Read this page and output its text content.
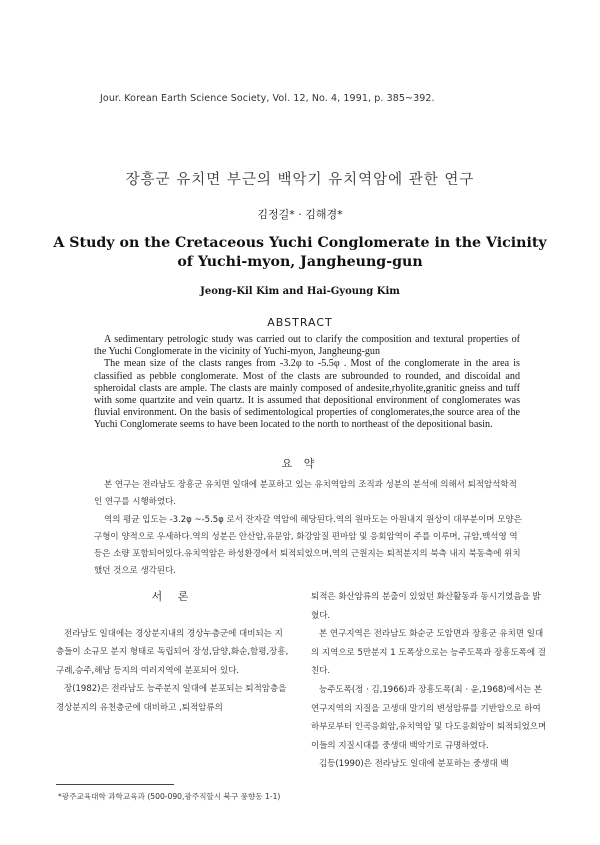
Jour. Korean Earth Science Society, Vol. 12, No. 4, 1991, p. 385~392.
장흥군 유치면 부근의 백악기 유치역암에 관한 연구
김정길* · 김해경*
A Study on the Cretaceous Yuchi Conglomerate in the Vicinity
of Yuchi-myon, Jangheung-gun
Jeong-Kil Kim and Hai-Gyoung Kim
ABSTRACT

A sedimentary petrologic study was carried out to clarify the composition and textural properties of the Yuchi Conglomerate in the vicinity of Yuchi-myon, Jangheung-gun

The mean size of the clasts ranges from -3.2φ to -5.5φ . Most of the conglomerate in the area is classified as pebble conglomerate. Most of the clasts are subrounded to rounded, and discoidal and spheroidal clasts are ample. The clasts are mainly composed of andesite,rhyolite,granitic gneiss and tuff with some quartzite and vein quartz. It is assumed that depositional environment of conglomerates was fluvial environment. On the basis of sedimentological properties of conglomerates,the source area of the Yuchi Conglomerate seems to have been located to the north to northeast of the depositional basin.

요 약

본 연구는 전라남도 장흥군 유치면 일대에 분포하고 있는 유치역암의 조직과 성분의 분석에 의해서 퇴적암석학적인 연구를 시행하였다.

역의 평균 입도는 -3.2φ ~-5.5φ 로서 잔자갈 역암에 해당된다.역의 원마도는 아원내지 원상이 대부분이며 모양은 구형이 양적으로 우세하다.역의 성분은 안산암,유문암, 화강암질 편마암 및 응회암역이 주를 이루며, 규암,맥석영 역등은 소량 포함되어있다.유치역암은 하성환경에서 퇴적되었으며,역의 근원지는 퇴적분지의 북측 내지 북동측에 위치했던 것으로 생각된다.

서 론

전라남도 일대에는 경상분지내의 경상누층군에 대비되는 지층들이 소규모 분지 형태로 독립되어 장성,담양,화순,함평,장흥,구례,승주,해남 등지의 여러지역에 분포되어 있다.

장(1982)은 전라남도 능주분지 일대에 분포되는 퇴적암층을 경상분지의 유천층군에 대비하고 ,퇴적암류의

퇴적은 화산암류의 분출이 있었던 화산활동과 동시기였음을 밝혔다.

본 연구지역은 전라남도 화순군 도암면과 장흥군 유치면 일대의 지역으로 5만분지 1 도폭상으로는 능주도폭과 장흥도폭에 걸친다.

능주도폭(정 · 김,1966)과 장흥도폭(최 · 윤,1968)에서는 본 연구지역의 지질을 고생대 말기의 변성암류를 기반암으로 하여 하부로부터 인곡응회암,유치역암 및 다도응회암이 퇴적되었으며 이들의 지질시대를 중생대 백악기로 규명하였다.

김등(1990)은 전라남도 일대에 분포하는 중생대 백

*광주교육대학 과학교육과 (500-090,광주직할시 북구 풍향동 1-1)
